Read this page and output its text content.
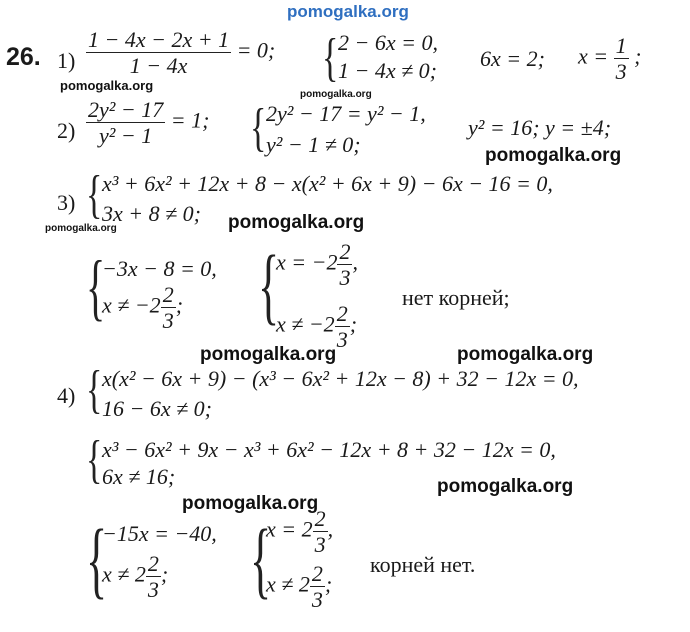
pomogalka.org
pomogalka.org
pomogalka.org
pomogalka.org
pomogalka.org	pomogalka.org
pomogalka.org	pomogalka.org
pomogalka.org
pomogalka.org
26. $1) \frac{1 - 4x - 2x + 1}{1 - 4x} = 0$; { 2 − 6x = 0,
1 − 4x ≠ 0; 6x = 2; $x = \frac{1}{3}$ ;
$2) \frac{\text{2y² − 17}}{\text{y² − 1}} = 1$; { 2y² − 17 = y² − 1,
y² − 1 ≠ 0;
y² = 16; y = ±4;
3) { x³ + 6x² + 12x + 8 − x(x² + 6x + 9) − 6x − 16 = 0,
3x + 8 ≠ 0;
{
−3x − 8 = 0,
$x \ne -2 \frac{2}{3}$ ; {
$x = -2 \frac{2}{3}$ ,
$x \ne -2 \frac{2}{3}$ ;
нет корней;
4) { x(x² − 6x + 9) − (x³ − 6x² + 12x − 8) + 32 − 12x = 0,
16 − 6x ≠ 0;
{ x³ − 6x² + 9x − x³ + 6x² − 12x + 8 + 32 − 12x = 0,
6x ≠ 16;
{
−15x = −40,
$x \ne 2 \frac{2}{3}$ ; {
$x = 2 \frac{2}{3}$ ,
$x \ne 2 \frac{2}{3}$ ;
корней нет.
